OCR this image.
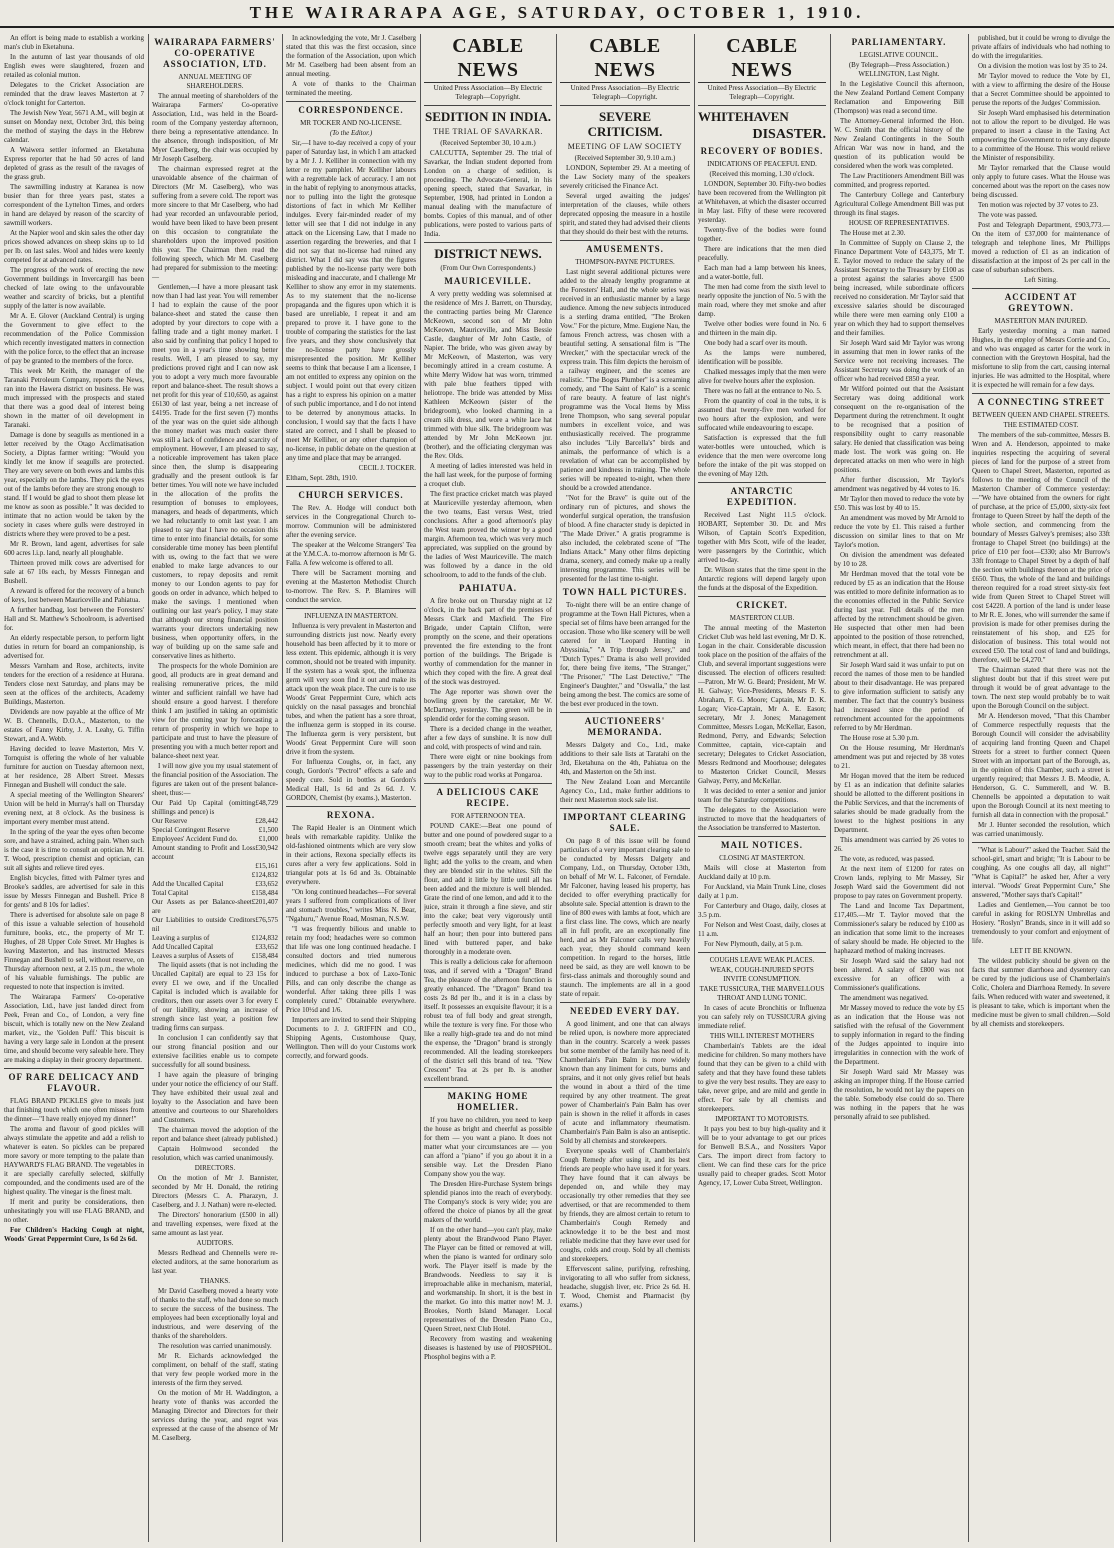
THE WAIRARAPA AGE, SATURDAY, OCTOBER 1, 1910.

An effort is being made to establish a working man's club in Eketahuna.

In the autumn of last year thousands of old English ewes were slaughtered, frozen and retailed as colonial mutton.

Delegates to the Cricket Association are reminded that the draw leaves Masterton at 7 o'clock tonight for Carterton.

The Jewish New Year, 5671 A.M., will begin at sunset on Monday next, October 3rd, this being the method of staying the days in the Hebrew calendar.

A Waiwera settler informed an Eketahuna Express reporter that he had 50 acres of land depleted of grass as the result of the ravages of the grass grub.

The sawmilling industry at Karanea is now busier than for three years past, states a correspondent of the Lyttelton Times, and orders in hand are delayed by reason of the scarcity of sawmill workers.

At the Napier wool and skin sales the other day prices showed advances on sheep skins up to 1d per lb. on last sales. Wool and hides were keenly competed for at advanced rates.

The progress of the work of erecting the new Government buildings in Invercargill has been checked of late owing to the unfavourable weather and scarcity of bricks, but a plentiful supply of the latter is now available.

Mr A. E. Glover (Auckland Central) is urging the Government to give effect to the recommendation of the Police Commission which recently investigated matters in connection with the police force, to the effect that an increase of pay be granted to the members of the force.

This week Mr Keith, the manager of the Taranaki Petroleum Company, reports the News, ran into the Hawera district on business. He was much impressed with the prospects and stated that there was a good deal of interest being shown in the matter of oil development in Taranaki.

Damage is done by seagulls as mentioned in a letter received by the Otago Acclimatisation Society, a Diptas farmer writing: "Would you kindly let me know if seagulls are protected. They are very severe on both ewes and lambs this year, especially on the lambs. They pick the eyes out of the lambs before they are strong enough to stand. If I would be glad to shoot them please let me know as soon as possible." It was decided to intimate that no action would be taken by the society in cases where gulls were destroyed in districts where they were proved to be a pest.

Mr R. Brown, land agent, advertises for sale 600 acres l.i.p. land, nearly all ploughable.

Thirteen proved milk cows are advertised for sale at 67 10s each, by Messrs Finnegan and Bushell.

A reward is offered for the recovery of a bunch of keys, lost between Mauriceville and Pahiatua.

A further handbag, lost between the Foresters' Hall and St. Matthew's Schoolroom, is advertised for.

An elderly respectable person, to perform light duties in return for board an companionship, is advertised for.

Messrs Varnham and Rose, architects, invite tenders for the erection of a residence at Hurana. Tenders close next Saturday, and plans may be seen at the offices of the architects, Academy Buildings, Masterton.

Dividends are now payable at the office of Mr W. B. Chennells, D.O.A., Masterton, to the estates of Fanny Kirby, J. A. Leahy, G. Tiffin Stewart, and A. Webb.

Having decided to leave Masterton, Mrs V. Tornquist is offering the whole of her valuable furniture for auction on Tuesday afternoon next, at her residence, 28 Albert Street. Messrs Finnegan and Bushell will conduct the sale.

A special meeting of the Wellington Shearers' Union will be held in Murray's hall on Thursday evening next, at 8 o'clock. As the business is important every member must attend.

In the spring of the year the eyes often become sore, and have a strained, aching pain. When such is the case it is time to consult an optician. Mr H. T. Wood, prescription chemist and optician, can suit all sights and relieve tired eyes.

English bicycles, fitted with Palmer tyres and Brooke's saddles, are advertised for sale in this issue by Messrs Finnegan and Bushell. Price 8 for gents' and 8 10s for ladies'.

There is advertised for absolute sale on page 8 of this issue a valuable selection of household furniture, books, etc., the property of Mr T. Hughes, of 28 Upper Cole Street. Mr Hughes is leaving Masterton, and has instructed Messrs Finnegan and Bushell to sell, without reserve, on Thursday afternoon next, at 2.15 p.m., the whole of his valuable furnishings. The public are requested to note that inspection is invited.

The Wairarapa Farmers' Co-operative Association, Ltd., have just landed direct from Peek, Frean and Co., of London, a very fine biscuit, which is totally new on the New Zealand market, viz., the 'Golden Puff.' This biscuit is having a very large sale in London at the present time, and should become very saleable here. They are making a display in their grocery department.

OF RARE DELICACY AND FLAVOUR.

FLAG BRAND PICKLES give to meals just that finishing touch which one often misses from the dinner—"I have really enjoyed my dinner!"

The aroma and flavour of good pickles will always stimulate the appetite and add a relish to whatever is eaten. So pickles can be prepared more savory or more tempting to the palate than HAYWARD'S FLAG BRAND. The vegetables in it are specially carefully selected, skilfully compounded, and the condiments used are of the highest quality. The vinegar is the finest malt.

If merit and purity be considerations, then unhesitatingly you will use FLAG BRAND, and no other.

For Children's Hacking Cough at night, Woods' Great Peppermint Cure, 1s 6d 2s 6d.

WAIRARAPA FARMERS' CO-OPERATIVE ASSOCIATION, LTD.
ANNUAL MEETING OF SHAREHOLDERS.

The annual meeting of shareholders of the Wairarapa Farmers' Co-operative Association, Ltd., was held in the Board-room of the Company yesterday afternoon, there being a representative attendance. In the absence, through indisposition, of Mr Myer Caselberg, the chair was occupied by Mr Joseph Caselberg.

The chairman expressed regret at the unavoidable absence of the chairman of Directors (Mr M. Caselberg), who was suffering from a severe cold. The report was more sincere to that Mr Caselberg, who had had year recorded an unfavourable period, would have been liked to have been present on this occasion to congratulate the shareholders upon the improved position this year. The Chairman then read the following speech, which Mr M. Caselberg had prepared for submission to the meeting:—

Gentlemen,—I have a more pleasant task now than I had last year. You will remember I had to explain the cause of the poor balance-sheet and stated the cause then adopted by your directors to cope with a falling trade and a tight money market. I also said by confining that policy I hoped to meet you in a year's time showing better results. Well, I am pleased to say, my predictions proved right and I can now ask you to adopt a very much more favourable report and balance-sheet. The result shows a net profit for this year of £10,650, as against £6130 of last year, being a net increase of £4195. Trade for the first seven (7) months of the year was on the quiet side although the money market was much easier there was still a lack of confidence and scarcity of employment. However, I am pleased to say, a noticeable improvement has taken place since then, the slump is disappearing gradually and the present outlook is far better times. You will note we have included in the allocation of the profits the resumption of bonuses to employees, managers, and heads of departments, which we had reluctantly to omit last year. I am pleased to say that I have no occasion this time to enter into financial details, for some considerable time money has been plentiful with us, owing to the fact that we were enabled to make large advances to our customers, to repay deposits and remit money to our London agents to pay for goods on order in advance, which helped to make the savings. I mentioned when outlining our last year's policy, I may state that although our strong financial position warrants your directors undertaking new business, when opportunity offers, in the way of building up on the same safe and conservative lines as hitherto.

The prospects for the whole Dominion are good, all products are in great demand and realising remunerative prices, the mild winter and sufficient rainfall we have had should ensure a good harvest. I therefore think I am justified in taking an optimistic view for the coming year by forecasting a return of prosperity in which we hope to participate and trust to have the pleasure of presenting you with a much better report and balance-sheet next year.

I will now give you my usual statement of the financial position of the Association. The figures are taken out of the present balance-sheet, thus:—

Our Paid Up Capital (omitting shillings and pence) is
£48,729
Our Reserve	£28,442
Special Contingent Reserve	£1,500
Employees' Accident Fund do.	£1,000
Amount standing to Profit and Loss account
£30,942
£15,161
£124,832
Add the Uncalled Capital	£33,652
Total Capital	£158,484
Our Assets as per Balance-sheet are
£201,407
Our Liabilities to outside Creditors nil
£76,575
Leaving a surplus of	£124,832
Add Uncalled Capital	£33,652
Leaves a surplus of Assets of	£158,484

The liquid assets (that is not including the Uncalled Capital) are equal to 23 15s for every £1 we owe, and if the Uncalled Capital is included which is available for creditors, then our assets over 3 for every £ of our liability, showing an increase of strength since last year, a position few trading firms can surpass.

In conclusion I can confidently say that our strong financial position and our extensive facilities enable us to compete successfully for all sound business.

I have again the pleasure of bringing under your notice the efficiency of our Staff. They have exhibited their usual zeal and loyalty to the Association and have been attentive and courteous to our Shareholders and Customers.

The chairman moved the adoption of the report and balance sheet (already published.)

Captain Holmwood seconded the resolution, which was carried unanimously.

DIRECTORS.

On the motion of Mr J. Bannister, seconded by Mr H. Donald, the retiring Directors (Messrs C. A. Pharazyn, J. Caselberg, and J. J. Nathan) were re-elected.

The Directors' honorarium (£500 in all) and travelling expenses, were fixed at the same amount as last year.

AUDITORS.

Messrs Redhead and Chennells were re-elected auditors, at the same honorarium as last year.

THANKS.

Mr David Caselberg moved a hearty vote of thanks to the staff, who had done so much to secure the success of the business. The employees had been exceptionally loyal and industrious, and were deserving of the thanks of the shareholders.

The resolution was carried unanimously.

Mr R. Eichards acknowledged the compliment, on behalf of the staff, stating that very few people worked more in the interests of the firm they served.

On the motion of Mr H. Waddington, a hearty vote of thanks was accorded the Managing Director and Directors for their services during the year, and regret was expressed at the cause of the absence of Mr M. Caselberg.

In acknowledging the vote, Mr J. Caselberg stated that this was the first occasion, since the formation of the Association, upon which Mr M. Caselberg had been absent from an annual meeting.

A vote of thanks to the Chairman terminated the meeting.

CORRESPONDENCE.
MR TOCKER AND NO-LICENSE.
(To the Editor.)

Sir,—I have to-day received a copy of your paper of Saturday last, in which I am attacked by a Mr J. J. Kelliher in connection with my letter re my pamphlet. Mr Kelliher labours with a regrettable lack of accuracy. I am not in the habit of replying to anonymous attacks, nor to pulling into the light the grotesque distortions of fact in which Mr Kelliher indulges. Every fair-minded reader of my letter will see that I did not indulge in any attack on the Licensing Law, that I made no assertion regarding the breweries, and that I did not say that no-license had ruined any district. What I did say was that the figures published by the no-license party were both misleading and inaccurate, and I challenge Mr Kelliher to show any error in my statements. As to my statement that the no-license propaganda and the figures upon which it is based are unreliable, I repeat it and am prepared to prove it. I have gone to the trouble of comparing the statistics for the last five years, and they show conclusively that the no-license party have grossly misrepresented the position. Mr Kelliher seems to think that because I am a licensee, I am not entitled to express any opinion on the subject. I would point out that every citizen has a right to express his opinion on a matter of such public importance, and I do not intend to be deterred by anonymous attacks. In conclusion, I would say that the facts I have stated are correct, and I shall be pleased to meet Mr Kelliher, or any other champion of no-license, in public debate on the question at any time and place that may be arranged.

CECIL J. TOCKER.

Eltham, Sept. 28th, 1910.

CHURCH SERVICES.

The Rev. A. Hodge will conduct both services in the Congregational Church to-morrow. Communion will be administered after the evening service.

The speaker at the Welcome Strangers' Tea at the Y.M.C.A. to-morrow afternoon is Mr G. Falla. A few welcome is offered to all.

There will be Sacrament morning and evening at the Masterton Methodist Church to-morrow. The Rev. S. P. Blamires will conduct the service.

INFLUENZA IN MASTERTON.

Influenza is very prevalent in Masterton and surrounding districts just now. Nearly every household has been affected by it to more or less extent. This epidemic, although it is very common, should not be treated with impunity. If the system has a weak spot, the influenza germ will very soon find it out and make its attack upon the weak place. The cure is to use Woods' Great Peppermint Cure, which acts quickly on the nasal passages and bronchial tubes, and when the patient has a sore throat, the influenza germ is stopped in its course. The Influenza germ is very persistent, but Woods' Great Peppermint Cure will soon drive it from the system.

For Influenza Coughs, or, in fact, any cough, Gordon's "Pectrol" effects a safe and speedy cure. Sold in bottles at Gordon's Medical Hall, 1s 6d and 2s 6d. J. V. GORDON, Chemist (by exams.), Masterton.

REXONA.

The Rapid Healer is an Ointment which heals with remarkable rapidity. Unlike the old-fashioned ointments which are very slow in their actions, Rexona specially effects its cures after a very few applications. Sold in triangular pots at 1s 6d and 3s. Obtainable everywhere.

"On long continued headaches—For several years I suffered from complications of liver and stomach troubles," writes Miss N. Bear, "Ngahuru," Avenue Road, Mosman, N.S.W.

"I was frequently bilious and unable to retain my food; headaches were so common that life was one long continued headache. I consulted doctors and tried numerous medicines, which did me no good. I was induced to purchase a box of Laxo-Tonic Pills, and can only describe the change as wonderful. After taking three pills I was completely cured." Obtainable everywhere. Price 10½d and 1/6.

Importers are invited to send their Shipping Documents to J. J. GRIFFIN and CO., Shipping Agents, Customhouse Quay, Wellington. Then will do your Customs work correctly, and forward goods.

CABLE NEWS
United Press Association—By Electric Telegraph—Copyright.
SEDITION IN INDIA.
THE TRIAL OF SAVARKAR.
(Received September 30, 10 a.m.)

CALCUTTA, September 29. The trial of Savarkar, the Indian student deported from London on a charge of sedition, is proceeding. The Advocate-General, in his opening speech, stated that Savarkar, in September, 1908, had printed in London a manual dealing with the manufacture of bombs. Copies of this manual, and of other publications, were posted to various parts of India.

DISTRICT NEWS.
(From Our Own Correspondents.)
MAURICEVILLE.

A very pretty wedding was solemnised at the residence of Mrs J. Barrett, on Thursday, the contracting parties being Mr Clarence McKeown, second son of Mr John McKeown, Mauriceville, and Miss Bessie Castle, daughter of Mr John Castle, of Napier. The bride, who was given away by Mr McKeown, of Masterton, was very becomingly attired in a cream costume. A white Merry Widow hat was worn, trimmed with pale blue feathers tipped with heliotrope. The bride was attended by Miss Kathleen McKeown (sister of the bridegroom), who looked charming in a cream silk dress, and wore a white lace hat trimmed with blue silk. The bridegroom was attended by Mr John McKeown jnr. (brother), and the officiating clergyman was the Rev. Olds.

A meeting of ladies interested was held in the hall last week, for the purpose of forming a croquet club.

The first practice cricket match was played at Mauriceville yesterday afternoon, when the two teams, East versus West, tried conclusions. After a good afternoon's play the West team proved the winner by a good margin. Afternoon tea, which was very much appreciated, was supplied on the ground by the ladies of West Mauriceville. The match was followed by a dance in the old schoolroom, to add to the funds of the club.

PAHIATUA.

A fire broke out on Thursday night at 12 o'clock, in the back part of the premises of Messrs Clark and Maxfield. The Fire Brigade, under Captain Clifton, were promptly on the scene, and their operations prevented the fire extending to the front portion of the buildings. The Brigade is worthy of commendation for the manner in which they coped with the fire. A great deal of the stock was destroyed.

The Age reporter was shown over the bowling green by the caretaker, Mr W. McDartney, yesterday. The green will be in splendid order for the coming season.

There is a decided change in the weather, after a few days of sunshine. It is now dull and cold, with prospects of wind and rain.

There were eight or nine bookings from passengers by the train yesterday on their way to the public road works at Pongaroa.

A DELICIOUS CAKE RECIPE.
FOR AFTERNOON TEA.

POUND CAKE:—Beat one pound of butter and one pound of powdered sugar to a smooth cream; beat the whites and yolks of twelve eggs separately until they are very light; add the yolks to the cream, and when they are blended stir in the whites. Sift the flour, and add it little by little until all has been added and the mixture is well blended. Grate the rind of one lemon, and add it to the juice, strain it through a fine sieve, and stir into the cake; beat very vigorously until perfectly smooth and very light, for at least half an hour; then pour into buttered pans lined with buttered paper, and bake thoroughly in a moderate oven.

This is really a delicious cake for afternoon teas, and if served with a "Dragon" Brand Tea, the pleasure of the afternoon function is greatly enhanced. The "Dragon" Brand tea costs 2s 8d per lb., and it is in a class by itself. It possesses an exquisite flavour; it is a robust tea of full body and great strength, while the texture is very fine. For those who like a really high-grade tea and do not mind the expense, the "Dragon" brand is strongly recommended. All the leading storekeepers of the district sell this brand of tea. "New Crescent" Tea at 2s per lb. is another excellent brand.

MAKING HOME HOMELIER.

If you have no children, you need to keep the house as bright and cheerful as possible for them — you want a piano. It does not matter what your circumstances are — you can afford a "piano" if you go about it in a sensible way. Let the Dresden Piano Company show you the way.

The Dresden Hire-Purchase System brings splendid pianos into the reach of everybody. The Company's stock is very wide; you are offered the choice of pianos by all the great makers of the world.

If on the other hand—you can't play, make plenty about the Brandwood Piano Player. The Player can be fitted or removed at will, when the piano is wanted for ordinary solo work. The Player itself is made by the Brandwoods. Needless to say it is irreproachable alike in mechanism, material, and workmanship. In short, it is the best in the market. Go into this matter now! M. J. Brookes, North Island Manager. Local representatives of the Dresden Piano Co., Queen Street, next Club Hotel.

Recovery from wasting and weakening diseases is hastened by use of PHOSPHOL. Phosphol begins with a P.

CABLE NEWS
United Press Association—By Electric Telegraph—Copyright.
SEVERE CRITICISM.
MEETING OF LAW SOCIETY
(Received September 30, 9.10 a.m.)

LONDON, September 29. At a meeting of the Law Society many of the speakers severely criticised the Finance Act.

Several urged awaiting the judges' interpretation of the clauses, while others deprecated opposing the measure in a hostile spirit, and stated they had advised their clients that they should do their best with the returns.

AMUSEMENTS.
THOMPSON-PAYNE PICTURES.

Last night several additional pictures were added to the already lengthy programme at the Foresters' Hall, and the whole series was received in an enthusiastic manner by a large audience. Among the new subjects introduced is a sterling drama entitled, "The Broken Vow." For the picture, Mme. Eugiene Nau, the famous French actress, was chosen with a beautiful setting. A sensational film is "The Wrecker," with the spectacular wreck of the express train. This film depicts the heroism of a railway engineer, and the scenes are realistic. "The Bogus Plumber" is a screaming comedy, and "The Saint of Kalo" is a scenic of rare beauty. A feature of last night's programme was the Vocal Items by Miss Irene Thompson, who sang several popular numbers in excellent voice, and was enthusiastically received. The programme also includes "Lily Barcella's" birds and animals, the performance of which is a revelation of what can be accomplished by patience and kindness in training. The whole series will be repeated to-night, when there should be a crowded attendance.

"Not for the Brave" is quite out of the ordinary run of pictures, and shows the wonderful surgical operation, the transfusion of blood. A fine character study is depicted in "The Made Driver." A gratis programme is also included, the celebrated scene of "The Indians Attack." Many other films depicting drama, scenery, and comedy make up a really interesting programme. This series will be presented for the last time to-night.

TOWN HALL PICTURES.

To-night there will be an entire change of programme at the Town Hall Pictures, when a special set of films have been arranged for the occasion. Those who like scenery will be well catered for in "Leopard Hunting in Abyssinia," "A Trip through Jersey," and "Dutch Types." Drama is also well provided for, there being five items, "The Stranger," "The Prisoner," "The Last Detective," "The Engineer's Daughter," and "Oswalla," the last being among the best. The comics are some of the best ever produced in the town.

AUCTIONEERS' MEMORANDA.

Messrs Dalgety and Co., Ltd., make additions to their sale lists at Taratahi on the 3rd, Eketahuna on the 4th, Pahiatua on the 4th, and Masterton on the 5th inst.

The New Zealand Loan and Mercantile Agency Co., Ltd., make further additions to their next Masterton stock sale list.

IMPORTANT CLEARING SALE.

On page 8 of this issue will be found particulars of a very important clearing sale to be conducted by Messrs Dalgety and Company, Ltd., on Thursday, October 13th, on behalf of Mr W. L. Falconer, of Ferndale. Mr Falconer, having leased his property, has decided to offer everything practically for absolute sale. Special attention is drawn to the line of 800 ewes with lambs at foot, which are a first class line. The cows, which are nearly all in full profit, are an exceptionally fine herd, and as Mr Falconer calls very heavily each year, they should command keen competition. In regard to the horses, little need be said, as they are well known to be first-class animals and thoroughly sound and staunch. The implements are all in a good state of repair.

NEEDED EVERY DAY.

A good liniment, and one that can always be relied upon, is nowhere more appreciated than in the country. Scarcely a week passes but some member of the family has need of it. Chamberlain's Pain Balm is more widely known than any liniment for cuts, burns and sprains, and it not only gives relief but heals the wound in about a third of the time required by any other treatment. The great power of Chamberlain's Pain Balm has over pain is shown in the relief it affords in cases of acute and inflammatory rheumatism. Chamberlain's Pain Balm is also an antiseptic. Sold by all chemists and storekeepers.

Everyone speaks well of Chamberlain's Cough Remedy after using it, and its best friends are people who have used it for years. They have found that it can always be depended on, and while they may occasionally try other remedies that they see advertised, or that are recommended to them by friends, they are almost certain to return to Chamberlain's Cough Remedy and acknowledge it to be the best and most reliable medicine that they have ever used for coughs, colds and croup. Sold by all chemists and storekeepers.

Effervescent saline, purifying, refreshing, invigorating to all who suffer from sickness, headache, sluggish liver, etc. Price 2s 6d. H. T. Wood, Chemist and Pharmacist (by exams.)

CABLE NEWS
United Press Association—By Electric Telegraph—Copyright.
WHITEHAVEN
DISASTER.
RECOVERY OF BODIES.
INDICATIONS OF PEACEFUL END.
(Received this morning, 1.30 o'clock.

LONDON, September 30. Fifty-two bodies have been recovered from the Wellington pit at Whitehaven, at which the disaster occurred in May last. Fifty of these were recovered yesterday.

Twenty-five of the bodies were found together.

There are indications that the men died peacefully.

Each man had a lamp between his knees, and a water-bottle, full.

The men had come from the sixth level to nearly opposite the junction of No. 5 with the main road, where they met smoke and after damp.

Twelve other bodies were found in No. 6 and thirteen in the main dip.

One body had a scarf over its mouth.

As the lamps were numbered, identification will be possible.

Chalked messages imply that the men were alive for twelve hours after the explosion.

There was no fall at the entrance to No. 5.

From the quantity of coal in the tubs, it is assumed that twenty-five men worked for two hours after the explosion, and were suffocated while endeavouring to escape.

Satisfaction is expressed that the full water-bottles were untouched, which is evidence that the men were overcome long before the intake of the pit was stopped on the evening of May 12th.

ANTARCTIC EXPEDITION.

Received Last Night 11.5 o'clock. HOBART, September 30. Dr. and Mrs Wilson, of Captain Scott's Expedition, together with Mrs Scott, wife of the leader, were passengers by the Corinthic, which arrived to-day.

Dr. Wilson states that the time spent in the Antarctic regions will depend largely upon the funds at the disposal of the Expedition.

CRICKET.
MASTERTON CLUB.

The annual meeting of the Masterton Cricket Club was held last evening, Mr D. K. Logan in the chair. Considerable discussion took place on the position of the affairs of the Club, and several important suggestions were discussed. The election of officers resulted:—Patron, Mr W. G. Beard; President, Mr W. H. Galway; Vice-Presidents, Messrs F. S. Abraham, F. G. Moore; Captain, Mr D. K. Logan; Vice-Captain, Mr A. E. Eason; secretary, Mr J. Jones; Management Committee, Messrs Logan, McKellar, Eason, Redmond, Perry, and Edwards; Selection Committee, captain, vice-captain and secretary; Delegates to Cricket Association, Messrs Redmond and Moorhouse; delegates to Masterton Cricket Council, Messrs Galway, Perry, and McKellar.

It was decided to enter a senior and junior team for the Saturday competitions.

The delegates to the Association were instructed to move that the headquarters of the Association be transferred to Masterton.

MAIL NOTICES.
CLOSING AT MASTERTON.

Mails will close at Masterton from Auckland daily at 10 p.m.

For Auckland, via Main Trunk Line, closes daily at 1 p.m.

For Canterbury and Otago, daily, closes at 3.5 p.m.

For Nelson and West Coast, daily, closes at 11 a.m.

For New Plymouth, daily, at 5 p.m.

COUGHS LEAVE WEAK PLACES.
WEAK, COUGH-INJURED SPOTS INVITE CONSUMPTION.
TAKE TUSSICURA, THE MARVELLOUS THROAT AND LUNG TONIC.

In cases of acute Bronchitis or Influenza you can safely rely on TUSSICURA giving immediate relief.

THIS WILL INTEREST MOTHERS

Chamberlain's Tablets are the ideal medicine for children. So many mothers have found that they can be given to a child with safety and that they have found these tablets to give the very best results. They are easy to take, never gripe, and are mild and gentle in effect. For sale by all chemists and storekeepers.

IMPORTANT TO MOTORISTS.

It pays you best to buy high-quality and it will be to your advantage to get our prices for Benwell B.S.A., and Nossiters Vapor Cars. The import direct from factory to client. We can find these cars for the price usually paid to cheaper grades. Scott Motor Agency, 17, Lower Cuba Street, Wellington.

PARLIAMENTARY.
LEGISLATIVE COUNCIL.
(By Telegraph—Press Association.) WELLINGTON, Last Night.

In the Legislative Council this afternoon, the New Zealand Portland Cement Company Reclamation and Empowering Bill (Thompson) was read a second time.

The Attorney-General informed the Hon. W. C. Smith that the official history of the New Zealand Contingents in the South African War was now in hand, and the question of its publication would be considered when the work was completed.

The Law Practitioners Amendment Bill was committed, and progress reported.

The Canterbury College and Canterbury Agricultural College Amendment Bill was put through its final stages.

HOUSE OF REPRESENTATIVES.

The House met at 2.30.

In Committee of Supply on Clause 2, the Finance Department Vote of £43,375, Mr T. E. Taylor moved to reduce the salary of the Assistant Secretary to the Treasury by £100 as a protest against the salaries above £500 being increased, while subordinate officers received no consideration. Mr Taylor said that excessive salaries should be discouraged while there were men earning only £100 a year on which they had to support themselves and their families.

Sir Joseph Ward said Mr Taylor was wrong in assuming that men in lower ranks of the Service were not receiving increases. The Assistant Secretary was doing the work of an officer who had received £850 a year.

Mr Wilford pointed out that the Assistant Secretary was doing additional work consequent on the re-organisation of the Department during the retrenchment. It ought to be recognised that a position of responsibility ought to carry reasonable salary. He denied that classification was being made lost. The work was going on. He deprecated attacks on men who were in high positions.

After further discussion, Mr Taylor's amendment was negatived by 44 votes to 16.

Mr Taylor then moved to reduce the vote by £50. This was lost by 40 to 15.

An amendment was moved by Mr Arnold to reduce the vote by £1. This raised a further discussion on similar lines to that on Mr Taylor's motion.

On division the amendment was defeated by 10 to 28.

Mr Herdman moved that the total vote be reduced by £5 as an indication that the House was entitled to more definite information as to the economies effected in the Public Service during last year. Full details of the men affected by the retrenchment should be given. He suspected that other men had been appointed to the position of those retrenched, which meant, in effect, that there had been no retrenchment at all.

Sir Joseph Ward said it was unfair to put on record the names of those men to be handled about to their disadvantage. He was prepared to give information sufficient to satisfy any member. The fact that the country's business had increased since the period of retrenchment accounted for the appointments referred to by Mr Herdman.

The House rose at 5.30 p.m.

On the House resuming, Mr Herdman's amendment was put and rejected by 38 votes to 21.

Mr Hogan moved that the item be reduced by £1 as an indication that definite salaries should be allotted to the different positions in the Public Services, and that the increments of salaries should be made gradually from the lowest to the highest positions in any Department.

This amendment was carried by 26 votes to 26.

The vote, as reduced, was passed.

At the next item of £1200 for rates on Crown lands, replying to Mr Massey, Sir Joseph Ward said the Government did not propose to pay rates on Government property.

The Land and Income Tax Department, £17,405.—Mr T. Taylor moved that the Commissioner's salary be reduced by £100 as an indication that some limit to the increases of salary should be made. He objected to the haphazard method of making increases.

Sir Joseph Ward said the salary had not been altered. A salary of £800 was not excessive for an officer with a Commissioner's qualifications.

The amendment was negatived.

Mr Massey moved to reduce the vote by £5 as an indication that the House was not satisfied with the refusal of the Government to supply information in regard to the finding of the Judges appointed to inquire into irregularities in connection with the work of the Department.

Sir Joseph Ward said Mr Massey was asking an improper thing. If the House carried the resolution, he would not lay the papers on the table. Somebody else could do so. There was nothing in the papers that he was personally afraid to see published.

published, but it could be wrong to divulge the private affairs of individuals who had nothing to do with the irregularities.

On a division the motion was lost by 35 to 24.

Mr Taylor moved to reduce the Vote by £1, with a view to affirming the desire of the House that a Secret Committee should be appointed to peruse the reports of the Judges' Commission.

Sir Joseph Ward emphasised his determination not to allow the report to be divulged. He was prepared to insert a clause in the Taxing Act empowering the Government to refer any dispute to a committee of the House. This would relieve the Minister of responsibility.

Mr Taylor remarked that the Clause would only apply to future cases. What the House was concerned about was the report on the cases now being discussed.

Ten motion was rejected by 37 votes to 23.

The vote was passed.

Post and Telegraph Department, £903,773.—On the item of £37,000 for maintenance of telegraph and telephone lines, Mr Phillipps moved a reduction of £1 as an indication of dissatisfaction at the impost of 2s per call in the case of suburban subscribers.

Left Sitting.
ACCIDENT AT GREYTOWN.
MASTERTON MAN INJURED.

Early yesterday morning a man named Hughes, in the employ of Messrs Corrie and Co., and who was engaged as carter for the work in connection with the Greytown Hospital, had the misfortune to slip from the cart, causing internal injuries. He was admitted to the Hospital, where it is expected he will remain for a few days.

A CONNECTING STREET
BETWEEN QUEEN AND CHAPEL STREETS.
THE ESTIMATED COST.

The members of the sub-committee, Messrs B. Wren and A. Henderson, appointed to make inquiries respecting the acquiring of several pieces of land for the purpose of a street from Queen to Chapel Street, Masterton, reported as follows to the meeting of the Council of the Masterton Chamber of Commerce yesterday:—"We have obtained from the owners for right of purchase, at the price of £5,000, sixty-six feet frontage to Queen Street by half the depth of the whole section, and commencing from the boundary of Messrs Galvey's premises; also 33ft frontage to Chapel Street (no buildings) at the price of £10 per foot—£330; also Mr Burrow's 33ft frontage to Chapel Street by a depth of half the section with buildings thereon at the price of £650. Thus, the whole of the land and buildings thereon required for a road street sixty-six feet wide from Queen Street to Chapel Street will cost £4220. A portion of the land is under lease to Mr R. E. Jones, who will surrender the same if provision is made for other premises during the reinstatement of his shop, and £25 for dislocation of business. This total would not exceed £50. The total cost of land and buildings, therefore, will be £4,270."

The Chairman stated that there was not the slightest doubt but that if this street were put through it would be of great advantage to the town. The next step would probably be to wait upon the Borough Council on the subject.

Mr A. Henderson moved, "That this Chamber of Commerce respectfully requests that the Borough Council will consider the advisability of acquiring land fronting Queen and Chapel Streets for a street to further connect Queen Street with an important part of the Borough, as, in the opinion of this Chamber, such a street is urgently required; that Messrs J. B. Meodie, A. Henderson, G. C. Summerell, and W. B. Chennells be appointed a deputation to wait upon the Borough Council at its next meeting to furnish all data in connection with the proposal."

Mr J. Hunter seconded the resolution, which was carried unanimously.

"What is Labour?" asked the Teacher. Said the school-girl, smart and bright; "It is Labour to be coughing, As one coughs all day, all night!" "What is Capital?" he asked her, After a very interval. "Woods' Great Peppermint Cure," She answered, "Mother says that's Capital!"

Ladies and Gentlemen,—You cannot be too careful in asking for ROSLYN Umbrellas and Hosiery. "Roslyn" Brands, since in it will add so tremendously to your comfort and enjoyment of life.

LET IT BE KNOWN.

The wildest publicity should be given on the facts that summer diarrhoea and dysentery can be cured by the judicious use of Chamberlain's Colic, Cholera and Diarrhoea Remedy. In severe fails. When reduced with water and sweetened, it is pleasant to take, which is important when the medicine must be given to small children.—Sold by all chemists and storekeepers.
